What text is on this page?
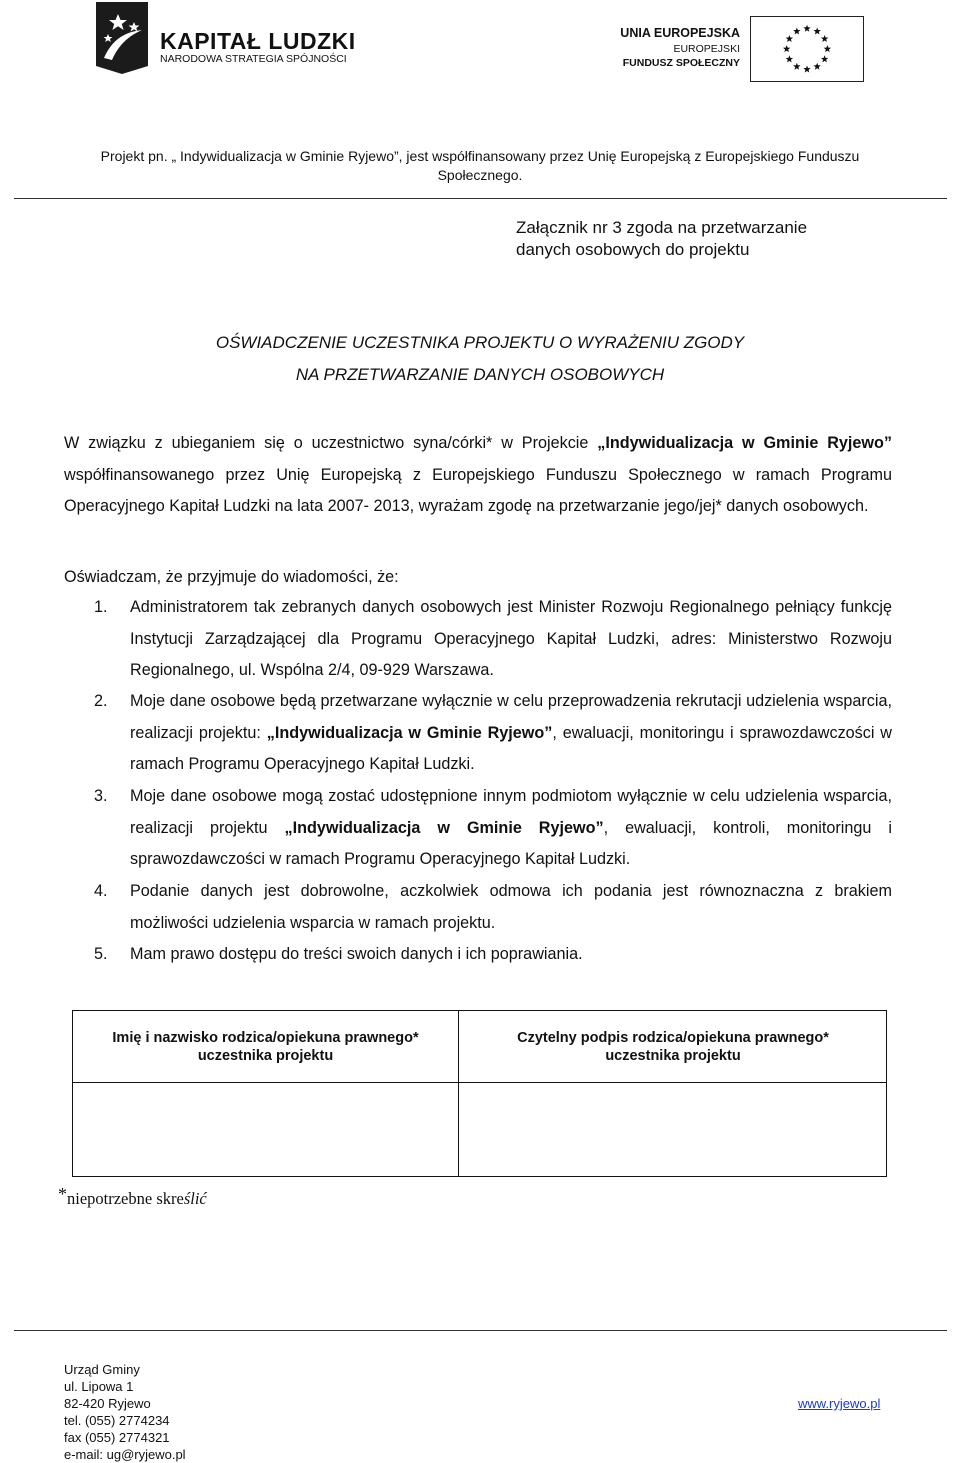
KAPITAŁ LUDZKI
NARODOWA STRATEGIA SPÓJNOŚCI
UNIA EUROPEJSKA
EUROPEJSKI
FUNDUSZ SPOŁECZNY
Projekt pn. „ Indywidualizacja w Gminie Ryjewo”, jest współfinansowany przez Unię Europejską z Europejskiego Funduszu
Społecznego.
Załącznik nr 3 zgoda na przetwarzanie
danych osobowych do projektu
OŚWIADCZENIE UCZESTNIKA PROJEKTU O WYRAŻENIU ZGODY
NA PRZETWARZANIE DANYCH OSOBOWYCH
W związku z ubieganiem się o uczestnictwo syna/córki* w Projekcie „Indywidualizacja w Gminie Ryjewo” współfinansowanego przez Unię Europejską z Europejskiego Funduszu Społecznego w ramach Programu Operacyjnego Kapitał Ludzki na lata 2007- 2013, wyrażam zgodę na przetwarzanie jego/jej* danych osobowych.
Oświadczam, że przyjmuje do wiadomości, że:
1. Administratorem tak zebranych danych osobowych jest Minister Rozwoju Regionalnego pełniący funkcję Instytucji Zarządzającej dla Programu Operacyjnego Kapitał Ludzki, adres: Ministerstwo Rozwoju Regionalnego, ul. Wspólna 2/4, 09-929 Warszawa.
2. Moje dane osobowe będą przetwarzane wyłącznie w celu przeprowadzenia rekrutacji udzielenia wsparcia, realizacji projektu: „Indywidualizacja w Gminie Ryjewo”, ewaluacji, monitoringu i sprawozdawczości w ramach Programu Operacyjnego Kapitał Ludzki.
3. Moje dane osobowe mogą zostać udostępnione innym podmiotom wyłącznie w celu udzielenia wsparcia, realizacji projektu „Indywidualizacja w Gminie Ryjewo”, ewaluacji, kontroli, monitoringu i sprawozdawczości w ramach Programu Operacyjnego Kapitał Ludzki.
4. Podanie danych jest dobrowolne, aczkolwiek odmowa ich podania jest równoznaczna z brakiem możliwości udzielenia wsparcia w ramach projektu.
5. Mam prawo dostępu do treści swoich danych i ich poprawiania.
Imię i nazwisko rodzica/opiekuna prawnego*
uczestnika projektu
Czytelny podpis rodzica/opiekuna prawnego*
uczestnika projektu
*niepotrzebne skreślić
Urząd Gminy
ul. Lipowa 1
82-420 Ryjewo
tel. (055) 2774234
fax (055) 2774321
e-mail: ug@ryjewo.pl
www.ryjewo.pl
